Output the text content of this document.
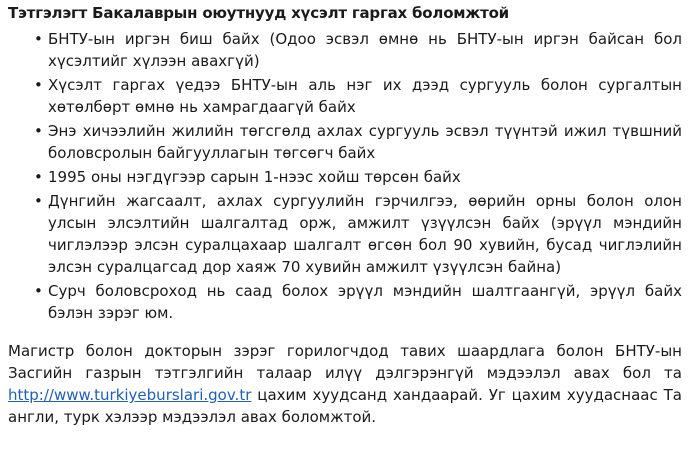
Тэтгэлэгт Бакалаврын оюутнууд хүсэлт гаргах боломжтой
• БНТУ-ын иргэн биш байх (Одоо эсвэл өмнө нь БНТУ-ын иргэн байсан бол хүсэлтийг хүлээн авахгүй)
• Хүсэлт гаргах үедээ БНТУ-ын аль нэг их дээд сургууль болон сургалтын хөтөлбөрт өмнө нь хамрагдаагүй байх
• Энэ хичээлийн жилийн төгсгөлд ахлах сургууль эсвэл түүнтэй ижил түвшний боловсролын байгууллагын төгсөгч байх
• 1995 оны нэгдүгээр сарын 1-нээс хойш төрсөн байх
• Дүнгийн жагсаалт, ахлах сургуулийн гэрчилгээ, өөрийн орны болон олон улсын элсэлтийн шалгалтад орж, амжилт үзүүлсэн байх (эрүүл мэндийн чиглэлээр элсэн суралцахаар шалгалт өгсөн бол 90 хувийн, бусад чиглэлийн элсэн суралцагсад дор хаяж 70 хувийн амжилт үзүүлсэн байна)
• Сурч боловсроход нь саад болох эрүүл мэндийн шалтгаангүй, эрүүл байх бэлэн зэрэг юм.

Магистр болон докторын зэрэг горилогчдод тавих шаардлага болон БНТУ-ын Засгийн газрын тэтгэлгийн талаар илүү дэлгэрэнгүй мэдээлэл авах бол та http://www.turkiyeburslari.gov.tr цахим хуудсанд хандаарай. Уг цахим хуудаснаас Та англи, турк хэлээр мэдээлэл авах боломжтой.
